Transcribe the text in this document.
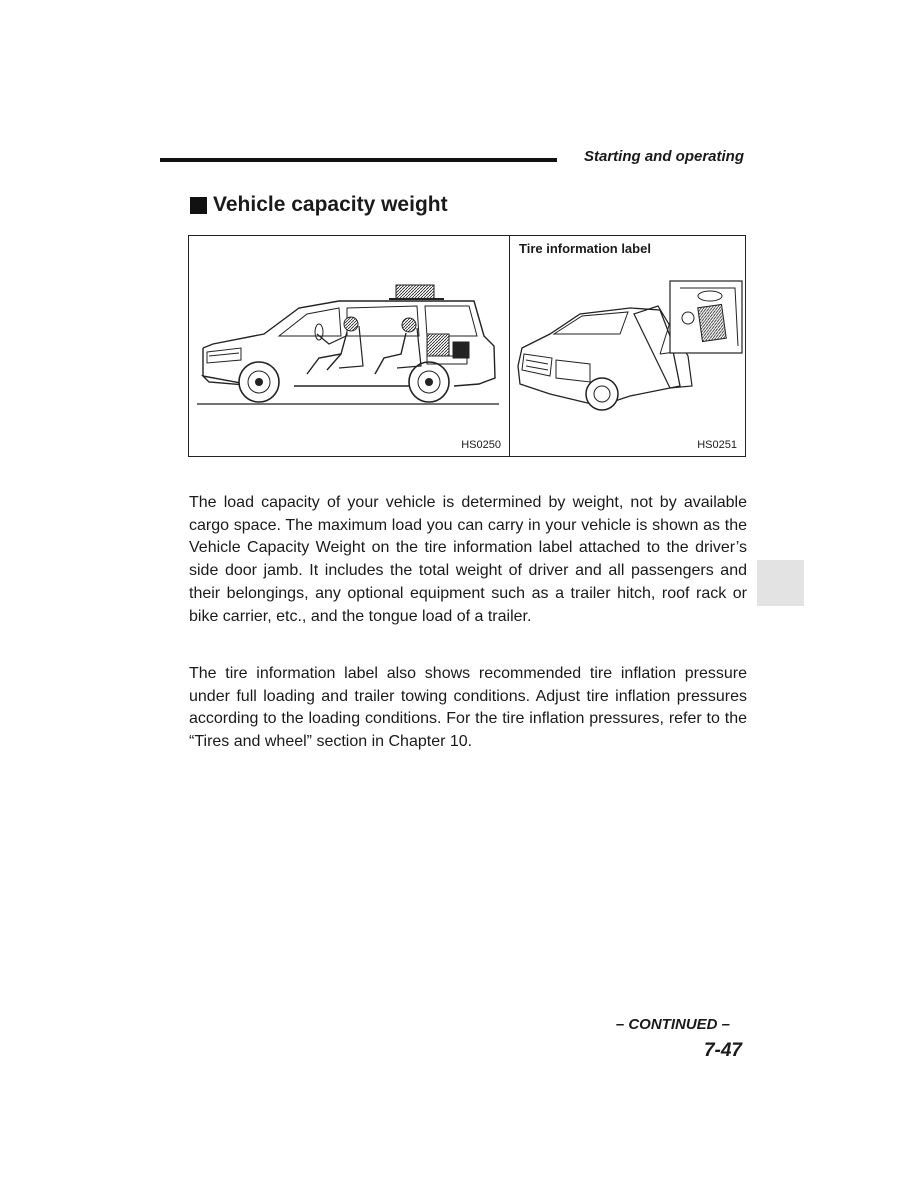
Starting and operating
Vehicle capacity weight
HS0250
Tire information label
HS0251

The load capacity of your vehicle is determined by weight, not by available cargo space. The maximum load you can carry in your vehicle is shown as the Vehicle Capacity Weight on the tire information label attached to the driver’s side door jamb. It includes the total weight of driver and all passengers and their belongings, any optional equipment such as a trailer hitch, roof rack or bike carrier, etc., and the tongue load of a trailer.

The tire information label also shows recommended tire inflation pressure under full loading and trailer towing conditions. Adjust tire inflation pressures according to the loading conditions. For the tire inflation pressures, refer to the “Tires and wheel” section in Chapter 10.

– CONTINUED –
7-47
